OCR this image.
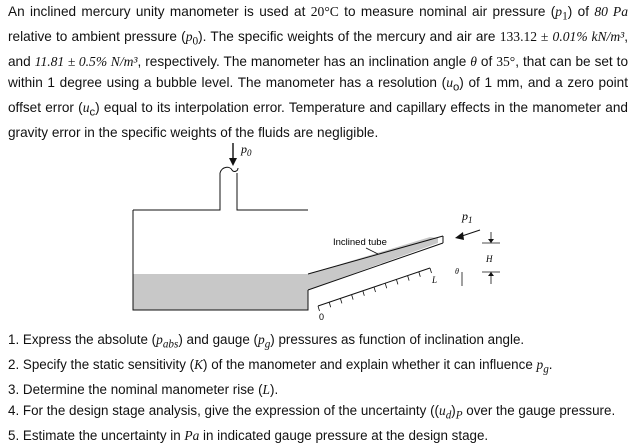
An inclined mercury unity manometer is used at 20°C to measure nominal air pressure $(p_1)$ of 80 Pa relative to ambient pressure $(p_0)$. The specific weights of the mercury and air are 133.12 ± 0.01% kN/m³, and 11.81 ± 0.5% N/m³, respectively. The manometer has an inclination angle θ of 35°, that can be set to within 1 degree using a bubble level. The manometer has a resolution $(u_o)$ of 1 mm, and a zero point offset error $(u_c)$ equal to its interpolation error. Temperature and capillary effects in the manometer and gravity error in the specific weights of the fluids are negligible.
$p_0$
$p_1$
Inclined tube
H
θ
L
0
1. Express the absolute $(p_{abs})$ and gauge $(p_g)$ pressures as function of inclination angle.
2. Specify the static sensitivity (K) of the manometer and explain whether it can influence $p_g$.
3. Determine the nominal manometer rise (L).
4. For the design stage analysis, give the expression of the uncertainty ($(u_d)_P$ over the gauge pressure.
5. Estimate the uncertainty in Pa in indicated gauge pressure at the design stage.
